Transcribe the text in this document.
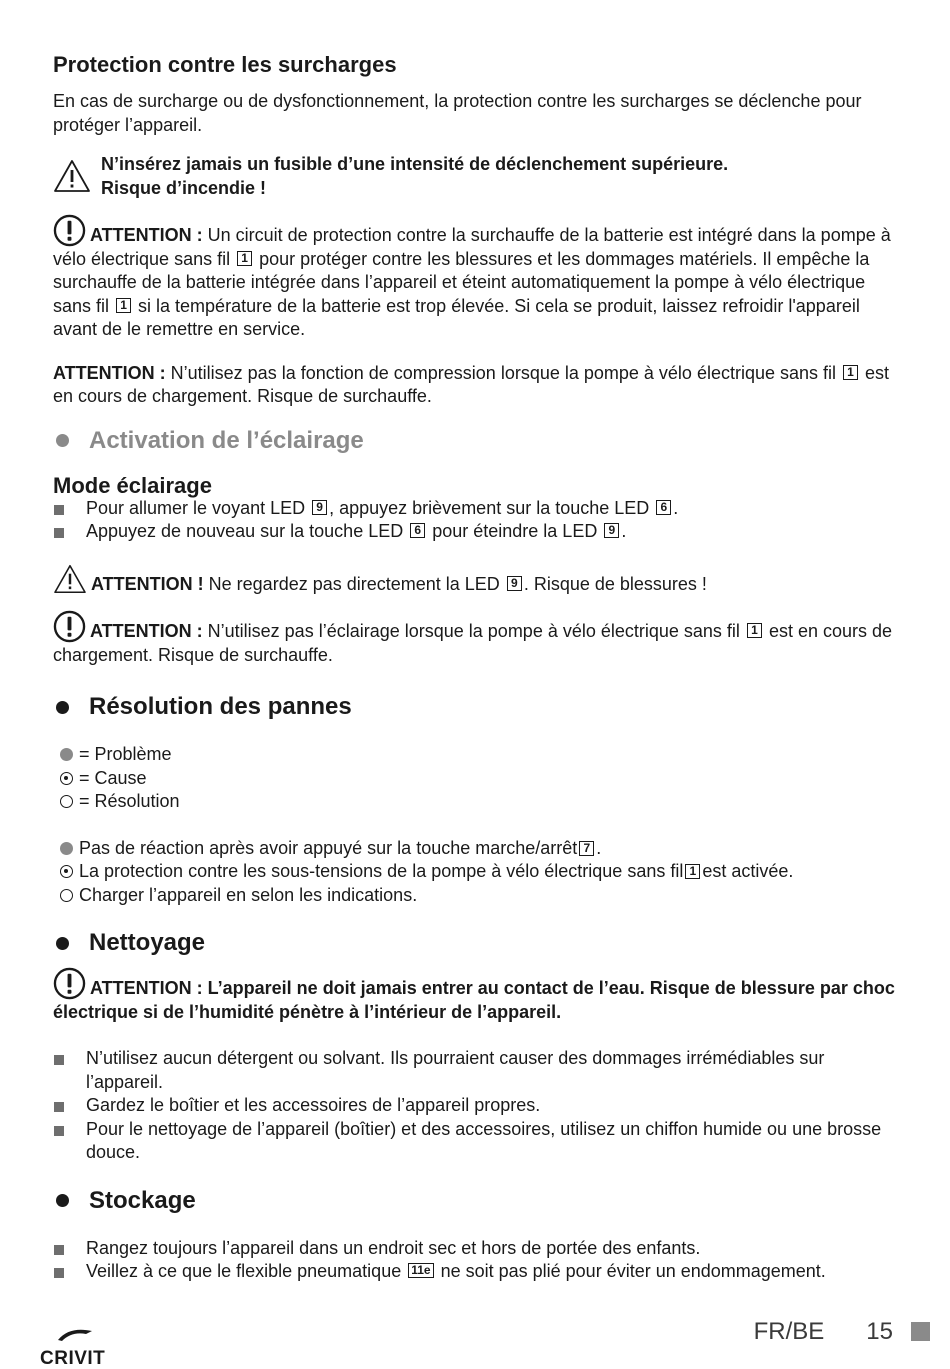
Protection contre les surcharges

En cas de surcharge ou de dysfonctionnement, la protection contre les surcharges se déclenche pour protéger l’appareil.

N’insérez jamais un fusible d’une intensité de déclenchement supérieure.
Risque d’incendie !

ATTENTION : Un circuit de protection contre la surchauffe de la batterie est intégré dans la pompe à vélo électrique sans fil 1 pour protéger contre les blessures et les dommages matériels. Il empêche la surchauffe de la batterie intégrée dans l’appareil et éteint automatiquement la pompe à vélo électrique sans fil 1 si la température de la batterie est trop élevée. Si cela se produit, laissez refroidir l'appareil avant de le remettre en service.

ATTENTION : N’utilisez pas la fonction de compression lorsque la pompe à vélo électrique sans fil 1 est en cours de chargement. Risque de surchauffe.

Activation de l’éclairage
Mode éclairage
Pour allumer le voyant LED 9 , appuyez brièvement sur la touche LED 6 .
Appuyez de nouveau sur la touche LED 6 pour éteindre la LED 9 .

ATTENTION ! Ne regardez pas directement la LED 9 . Risque de blessures !

ATTENTION : N’utilisez pas l’éclairage lorsque la pompe à vélo électrique sans fil 1 est en cours de chargement. Risque de surchauffe.

Résolution des pannes
= Problème
= Cause
= Résolution
Pas de réaction après avoir appuyé sur la touche marche/arrêt 7 .
La protection contre les sous-tensions de la pompe à vélo électrique sans fil 1 est activée.
Charger l’appareil en selon les indications.
Nettoyage

ATTENTION : L’appareil ne doit jamais entrer au contact de l’eau. Risque de blessure par choc électrique si de l’humidité pénètre à l’intérieur de l’appareil.

N’utilisez aucun détergent ou solvant. Ils pourraient causer des dommages irrémédiables sur l’appareil.
Gardez le boîtier et les accessoires de l’appareil propres.
Pour le nettoyage de l’appareil (boîtier) et des accessoires, utilisez un chiffon humide ou une brosse douce.
Stockage
Rangez toujours l’appareil dans un endroit sec et hors de portée des enfants.
Veillez à ce que le flexible pneumatique 11e ne soit pas plié pour éviter un endommagement.
CRIVIT
FR/BE 15
